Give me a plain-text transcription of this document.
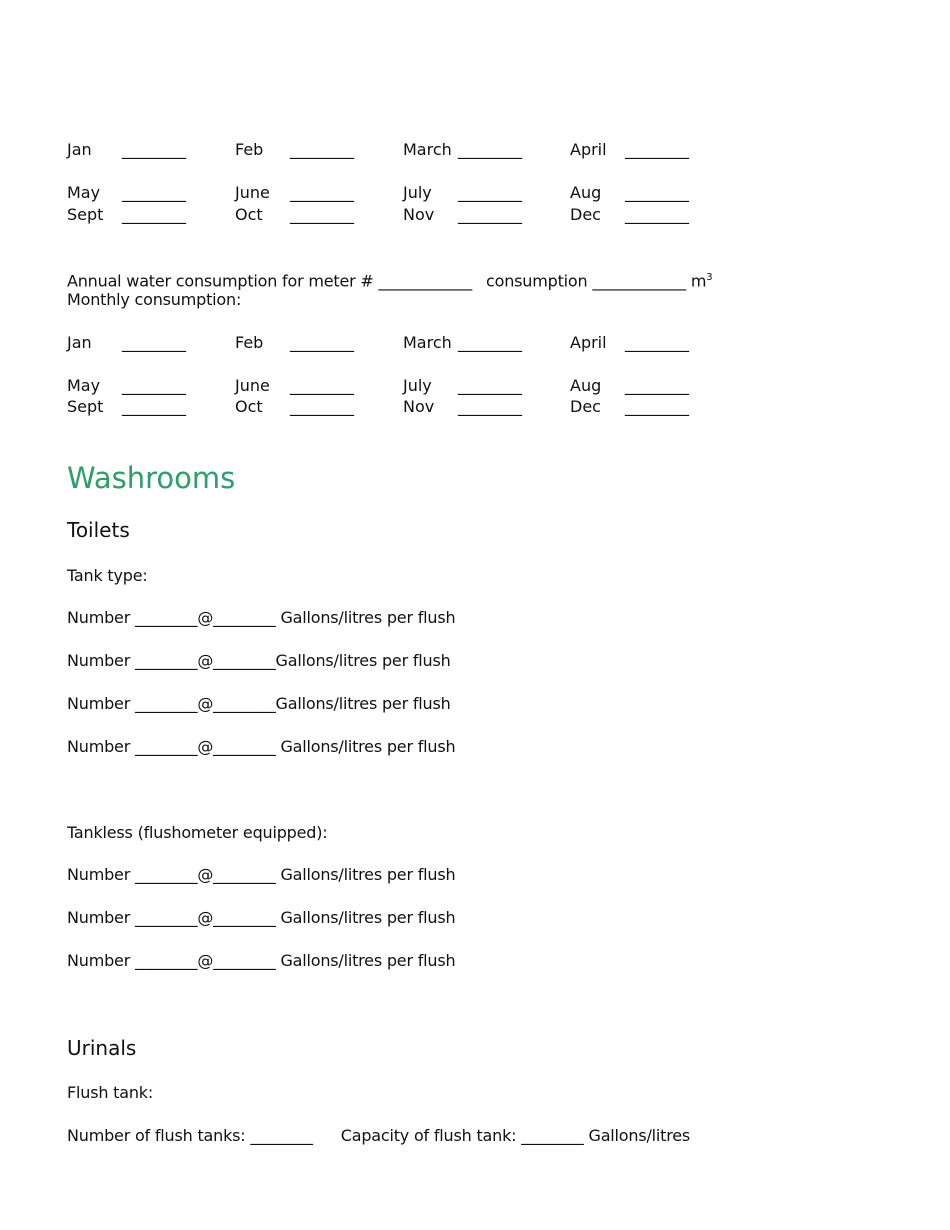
Jan ________	Feb ________	March ________	April ________
May ________	June ________	July ________	Aug ________
Sept ________	Oct ________	Nov ________	Dec ________
Annual water consumption for meter # ____________ consumption ____________ $m^3$
Monthly consumption:
Jan ________	Feb ________	March ________	April ________
May ________	June ________	July ________	Aug ________
Sept ________	Oct ________	Nov ________	Dec ________
Washrooms
Toilets
Tank type:
Number ________@________ Gallons/litres per flush
Number ________@________Gallons/litres per flush
Number ________@________Gallons/litres per flush
Number ________@________ Gallons/litres per flush
Tankless (flushometer equipped):
Number ________@________ Gallons/litres per flush
Number ________@________ Gallons/litres per flush
Number ________@________ Gallons/litres per flush
Urinals
Flush tank:
Number of flush tanks: ________ Capacity of flush tank: ________ Gallons/litres
